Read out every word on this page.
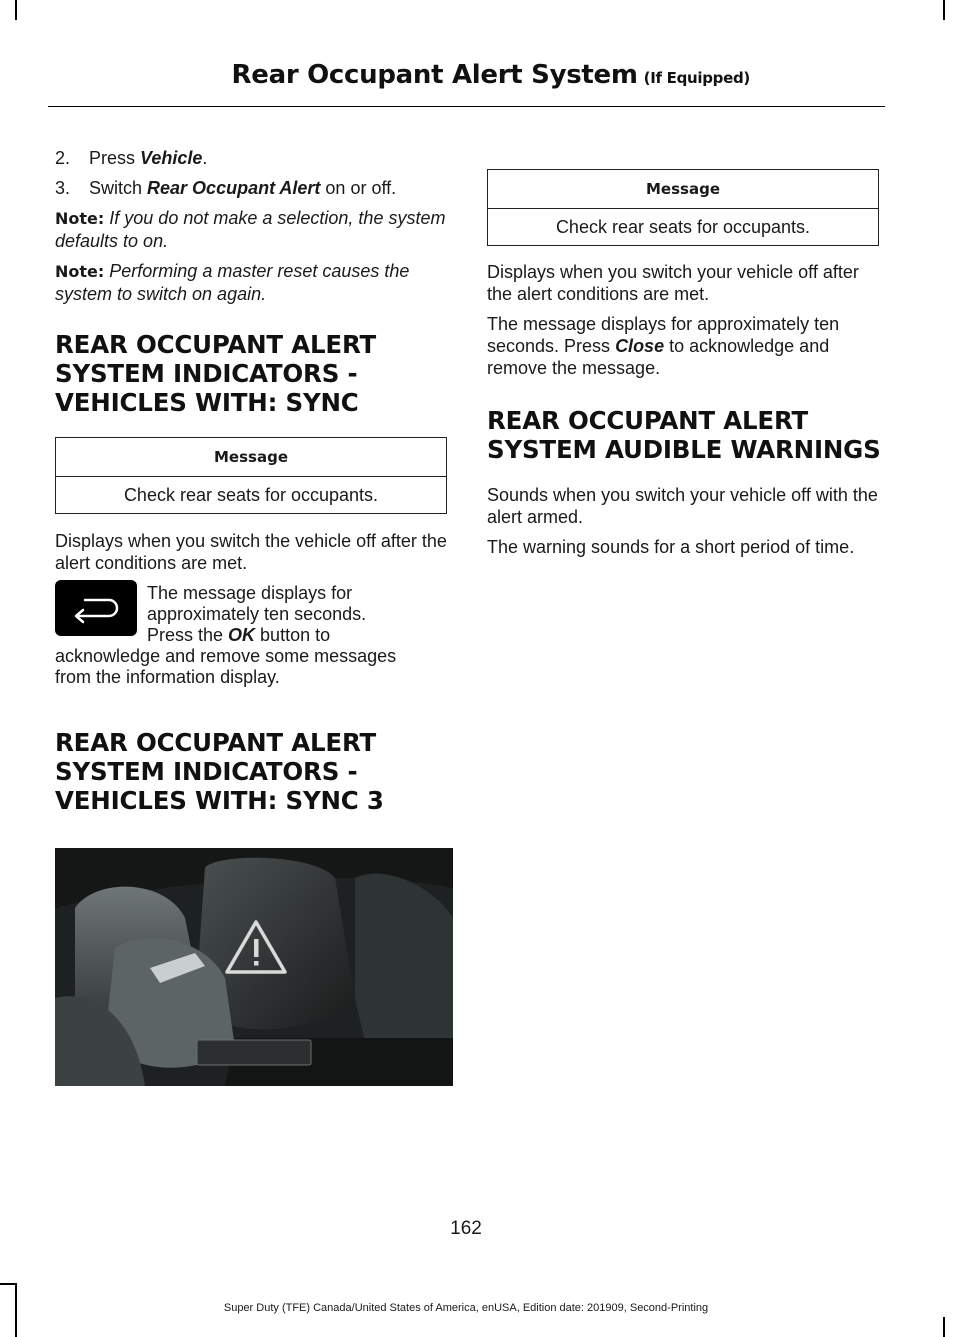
Rear Occupant Alert System (If Equipped)
2.	Press Vehicle.
3.	Switch Rear Occupant Alert on or off.

Note: If you do not make a selection, the system defaults to on.

Note: Performing a master reset causes the system to switch on again.

REAR OCCUPANT ALERT
SYSTEM INDICATORS -
VEHICLES WITH: SYNC
Message
Check rear seats for occupants.

Displays when you switch the vehicle off after the alert conditions are met.

The message displays for

approximately ten seconds.

Press the OK button to

acknowledge and remove some messages

from the information display.

REAR OCCUPANT ALERT
SYSTEM INDICATORS -
VEHICLES WITH: SYNC 3
Message
Check rear seats for occupants.

Displays when you switch your vehicle off after the alert conditions are met.

The message displays for approximately ten seconds. Press Close to acknowledge and remove the message.

REAR OCCUPANT ALERT
SYSTEM AUDIBLE WARNINGS

Sounds when you switch your vehicle off with the alert armed.

The warning sounds for a short period of time.

162
Super Duty (TFE) Canada/United States of America, enUSA, Edition date: 201909, Second-Printing
